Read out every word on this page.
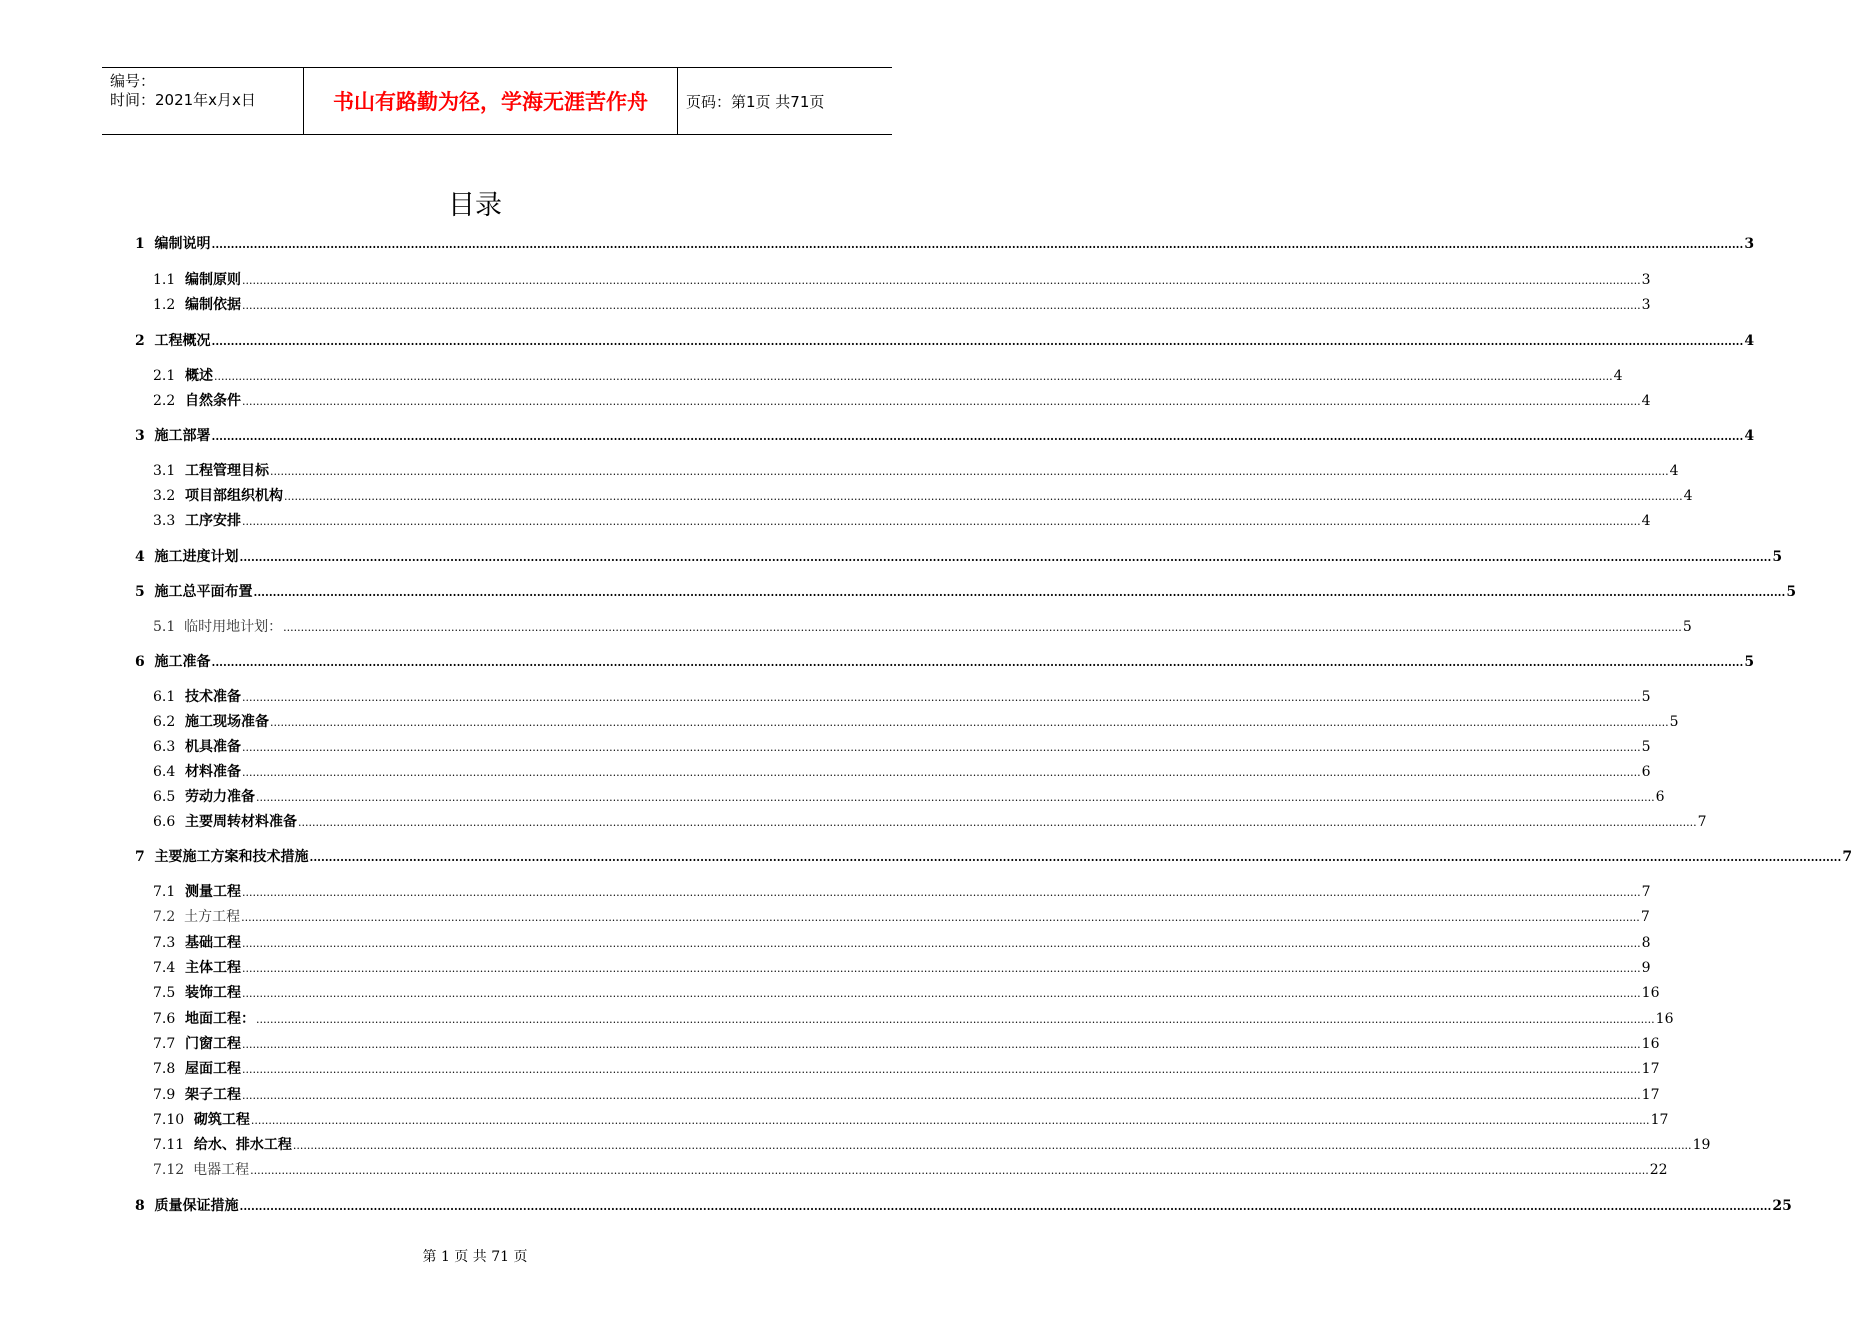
编号：
时间：2021年x月x日	书山有路勤为径，学海无涯苦作舟	页码：第1页 共71页
目录
1
编制说明 ................................................................................................................................................................................................................................................................................................................................................................................................................ 3
1.1
编制原则 ................................................................................................................................................................................................................................................................................................................................................................................................................ 3
1.2
编制依据 ................................................................................................................................................................................................................................................................................................................................................................................................................ 3
2
工程概况 ................................................................................................................................................................................................................................................................................................................................................................................................................ 4
2.1
概述 ................................................................................................................................................................................................................................................................................................................................................................................................................ 4
2.2
自然条件 ................................................................................................................................................................................................................................................................................................................................................................................................................ 4
3
施工部署 ................................................................................................................................................................................................................................................................................................................................................................................................................ 4
3.1
工程管理目标 ................................................................................................................................................................................................................................................................................................................................................................................................................ 4
3.2
项目部组织机构 ................................................................................................................................................................................................................................................................................................................................................................................................................ 4
3.3
工序安排 ................................................................................................................................................................................................................................................................................................................................................................................................................ 4
4
施工进度计划 ................................................................................................................................................................................................................................................................................................................................................................................................................ 5
5
施工总平面布置 ................................................................................................................................................................................................................................................................................................................................................................................................................ 5
5.1
临时用地计划： ................................................................................................................................................................................................................................................................................................................................................................................................................ 5
6
施工准备 ................................................................................................................................................................................................................................................................................................................................................................................................................ 5
6.1
技术准备 ................................................................................................................................................................................................................................................................................................................................................................................................................ 5
6.2
施工现场准备 ................................................................................................................................................................................................................................................................................................................................................................................................................ 5
6.3
机具准备 ................................................................................................................................................................................................................................................................................................................................................................................................................ 5
6.4
材料准备 ................................................................................................................................................................................................................................................................................................................................................................................................................ 6
6.5
劳动力准备 ................................................................................................................................................................................................................................................................................................................................................................................................................ 6
6.6
主要周转材料准备 ................................................................................................................................................................................................................................................................................................................................................................................................................ 7
7
主要施工方案和技术措施 ................................................................................................................................................................................................................................................................................................................................................................................................................ 7
7.1
测量工程 ................................................................................................................................................................................................................................................................................................................................................................................................................ 7
7.2
土方工程 ................................................................................................................................................................................................................................................................................................................................................................................................................ 7
7.3
基础工程 ................................................................................................................................................................................................................................................................................................................................................................................................................ 8
7.4
主体工程 ................................................................................................................................................................................................................................................................................................................................................................................................................ 9
7.5
装饰工程 ................................................................................................................................................................................................................................................................................................................................................................................................................ 16
7.6
地面工程： ................................................................................................................................................................................................................................................................................................................................................................................................................ 16
7.7
门窗工程 ................................................................................................................................................................................................................................................................................................................................................................................................................ 16
7.8
屋面工程 ................................................................................................................................................................................................................................................................................................................................................................................................................ 17
7.9
架子工程 ................................................................................................................................................................................................................................................................................................................................................................................................................ 17
7.10
砌筑工程 ................................................................................................................................................................................................................................................................................................................................................................................................................ 17
7.11
给水、排水工程 ................................................................................................................................................................................................................................................................................................................................................................................................................ 19
7.12
电器工程 ................................................................................................................................................................................................................................................................................................................................................................................................................ 22
8
质量保证措施 ................................................................................................................................................................................................................................................................................................................................................................................................................ 25
第 1 页 共 71 页
